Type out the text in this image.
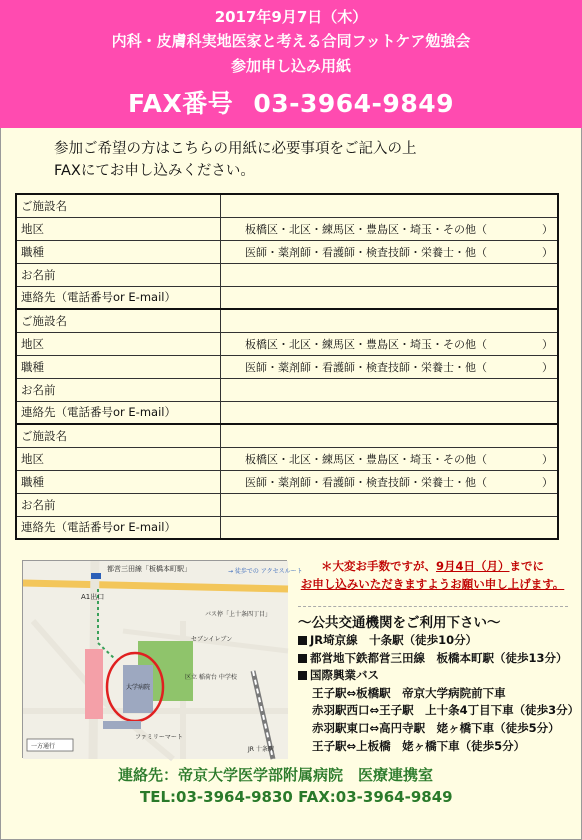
2017年9月7日（木）
内科・皮膚科実地医家と考える合同フットケア勉強会
参加申し込み用紙
FAX番号 03-3964-9849
参加ご希望の方はこちらの用紙に必要事項をご記入の上
FAXにてお申し込みください。
ご施設名	
地区	板橋区・北区・練馬区・豊島区・埼玉・その他（　　　　　）
職種	医師・薬剤師・看護師・検査技師・栄養士・他（　　　　　）
お名前	
連絡先（電話番号or E-mail）	
ご施設名	
地区	板橋区・北区・練馬区・豊島区・埼玉・その他（　　　　　）
職種	医師・薬剤師・看護師・検査技師・栄養士・他（　　　　　）
お名前	
連絡先（電話番号or E-mail）	
ご施設名	
地区	板橋区・北区・練馬区・豊島区・埼玉・その他（　　　　　）
職種	医師・薬剤師・看護師・検査技師・栄養士・他（　　　　　）
お名前	
連絡先（電話番号or E-mail）	
都営三田線「板橋本町駅」
A1出口
→ 徒歩での アクセスルート
バス停「上十条四丁目」
区立 稲荷台 中学校
セブンイレブン
ファミリーマート
大学病院
JR 十条駅
一方通行
＊大変お手数ですが、9月4日（月）までに
お申し込みいただきますようお願い申し上げます。
～公共交通機関をご利用下さい～
JR埼京線　十条駅（徒歩10分）
都営地下鉄都営三田線　板橋本町駅（徒歩13分）
国際興業バス
王子駅⇔板橋駅　帝京大学病院前下車
赤羽駅西口⇔王子駅　上十条4丁目下車（徒歩3分）
赤羽駅東口⇔高円寺駅　姥ヶ橋下車（徒歩5分）
王子駅⇔上板橋　姥ヶ橋下車（徒歩5分）
連絡先：帝京大学医学部附属病院　医療連携室
TEL:03-3964-9830 FAX:03-3964-9849
